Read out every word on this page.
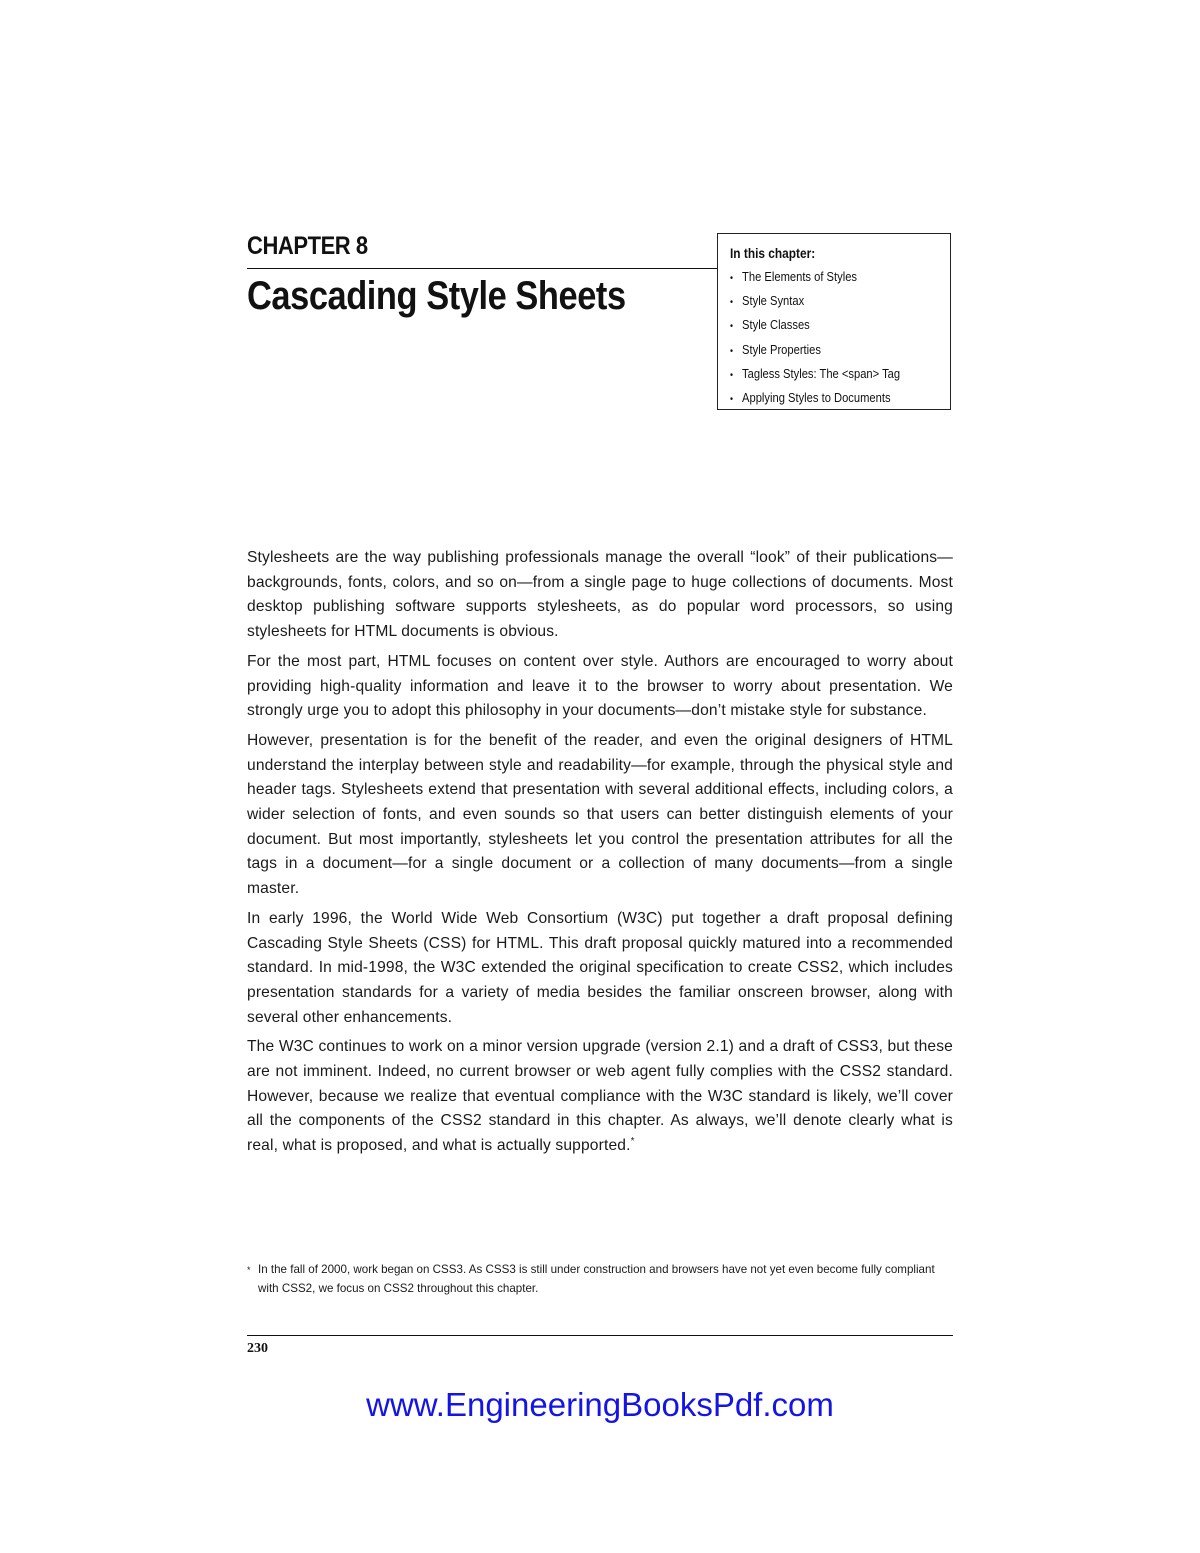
CHAPTER 8
Cascading Style Sheets
In this chapter:
• The Elements of Styles
• Style Syntax
• Style Classes
• Style Properties
• Tagless Styles: The <span> Tag
• Applying Styles to Documents

Stylesheets are the way publishing professionals manage the overall “look” of their publications—backgrounds, fonts, colors, and so on—from a single page to huge collections of documents. Most desktop publishing software supports stylesheets, as do popular word processors, so using stylesheets for HTML documents is obvious.

For the most part, HTML focuses on content over style. Authors are encouraged to worry about providing high-quality information and leave it to the browser to worry about presentation. We strongly urge you to adopt this philosophy in your documents—don’t mistake style for substance.

However, presentation is for the benefit of the reader, and even the original designers of HTML understand the interplay between style and readability—for example, through the physical style and header tags. Stylesheets extend that presentation with several additional effects, including colors, a wider selection of fonts, and even sounds so that users can better distinguish elements of your document. But most importantly, stylesheets let you control the presentation attributes for all the tags in a document—for a single document or a collection of many documents—from a single master.

In early 1996, the World Wide Web Consortium (W3C) put together a draft proposal defining Cascading Style Sheets (CSS) for HTML. This draft proposal quickly matured into a recommended standard. In mid-1998, the W3C extended the original specification to create CSS2, which includes presentation standards for a variety of media besides the familiar onscreen browser, along with several other enhancements.

The W3C continues to work on a minor version upgrade (version 2.1) and a draft of CSS3, but these are not imminent. Indeed, no current browser or web agent fully complies with the CSS2 standard. However, because we realize that eventual compliance with the W3C standard is likely, we’ll cover all the components of the CSS2 standard in this chapter. As always, we’ll denote clearly what is real, what is proposed, and what is actually supported.*

* In the fall of 2000, work began on CSS3. As CSS3 is still under construction and browsers have not yet even become fully compliant with CSS2, we focus on CSS2 throughout this chapter.

230

www.EngineeringBooksPdf.com
